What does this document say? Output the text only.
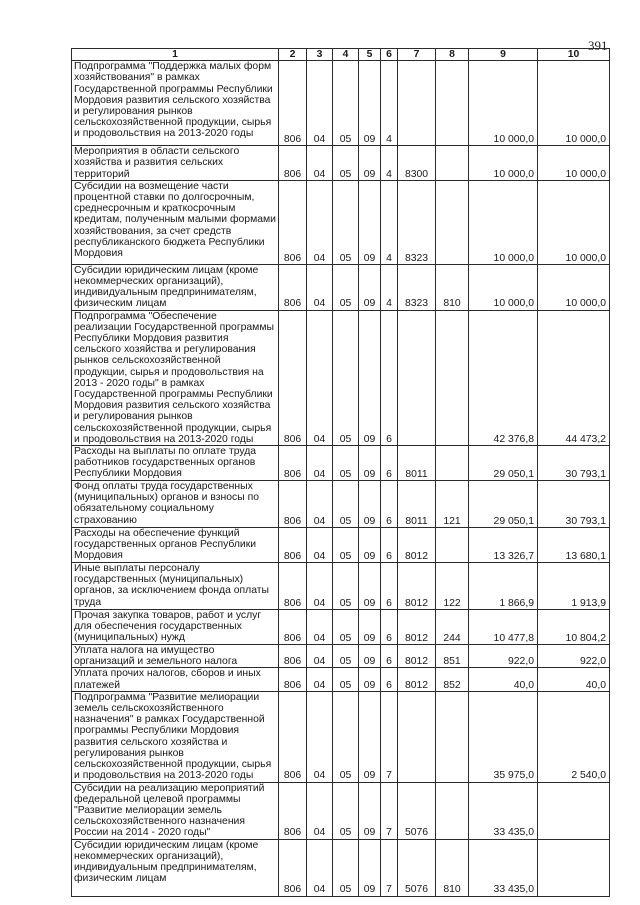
391
1	2	3	4	5	6	7	8	9	10
Подпрограмма "Поддержка малых форм хозяйствования" в рамках Государственной программы Республики Мордовия развития сельского хозяйства и регулирования рынков сельскохозяйственной продукции, сырья и продовольствия на 2013-2020 годы	806	04	05	09	4			10 000,0	10 000,0
Мероприятия в области сельского хозяйства и развития сельских территорий	806	04	05	09	4	8300		10 000,0	10 000,0
Субсидии на возмещение части процентной ставки по долгосрочным, среднесрочным и краткосрочным кредитам, полученным малыми формами хозяйствования, за счет средств республиканского бюджета Республики Мордовия	806	04	05	09	4	8323		10 000,0	10 000,0
Субсидии юридическим лицам (кроме некоммерческих организаций), индивидуальным предпринимателям, физическим лицам	806	04	05	09	4	8323	810	10 000,0	10 000,0
Подпрограмма "Обеспечение реализации Государственной программы Республики Мордовия развития сельского хозяйства и регулирования рынков сельскохозяйственной продукции, сырья и продовольствия на 2013 - 2020 годы" в рамках Государственной программы Республики Мордовия развития сельского хозяйства и регулирования рынков сельскохозяйственной продукции, сырья и продовольствия на 2013-2020 годы	806	04	05	09	6			42 376,8	44 473,2
Расходы на выплаты по оплате труда работников государственных органов Республики Мордовия	806	04	05	09	6	8011		29 050,1	30 793,1
Фонд оплаты труда государственных (муниципальных) органов и взносы по обязательному социальному страхованию	806	04	05	09	6	8011	121	29 050,1	30 793,1
Расходы на обеспечение функций государственных органов Республики Мордовия	806	04	05	09	6	8012		13 326,7	13 680,1
Иные выплаты персоналу государственных (муниципальных) органов, за исключением фонда оплаты труда	806	04	05	09	6	8012	122	1 866,9	1 913,9
Прочая закупка товаров, работ и услуг для обеспечения государственных (муниципальных) нужд	806	04	05	09	6	8012	244	10 477,8	10 804,2
Уплата налога на имущество организаций и земельного налога	806	04	05	09	6	8012	851	922,0	922,0
Уплата прочих налогов, сборов и иных платежей	806	04	05	09	6	8012	852	40,0	40,0
Подпрограмма "Развитие мелиорации земель сельскохозяйственного назначения" в рамках Государственной программы Республики Мордовия развития сельского хозяйства и регулирования рынков сельскохозяйственной продукции, сырья и продовольствия на 2013-2020 годы	806	04	05	09	7			35 975,0	2 540,0
Субсидии на реализацию мероприятий федеральной целевой программы "Развитие мелиорации земель сельскохозяйственного назначения России на 2014 - 2020 годы"	806	04	05	09	7	5076		33 435,0	
Субсидии юридическим лицам (кроме некоммерческих организаций), индивидуальным предпринимателям, физическим лицам	806	04	05	09	7	5076	810	33 435,0	
